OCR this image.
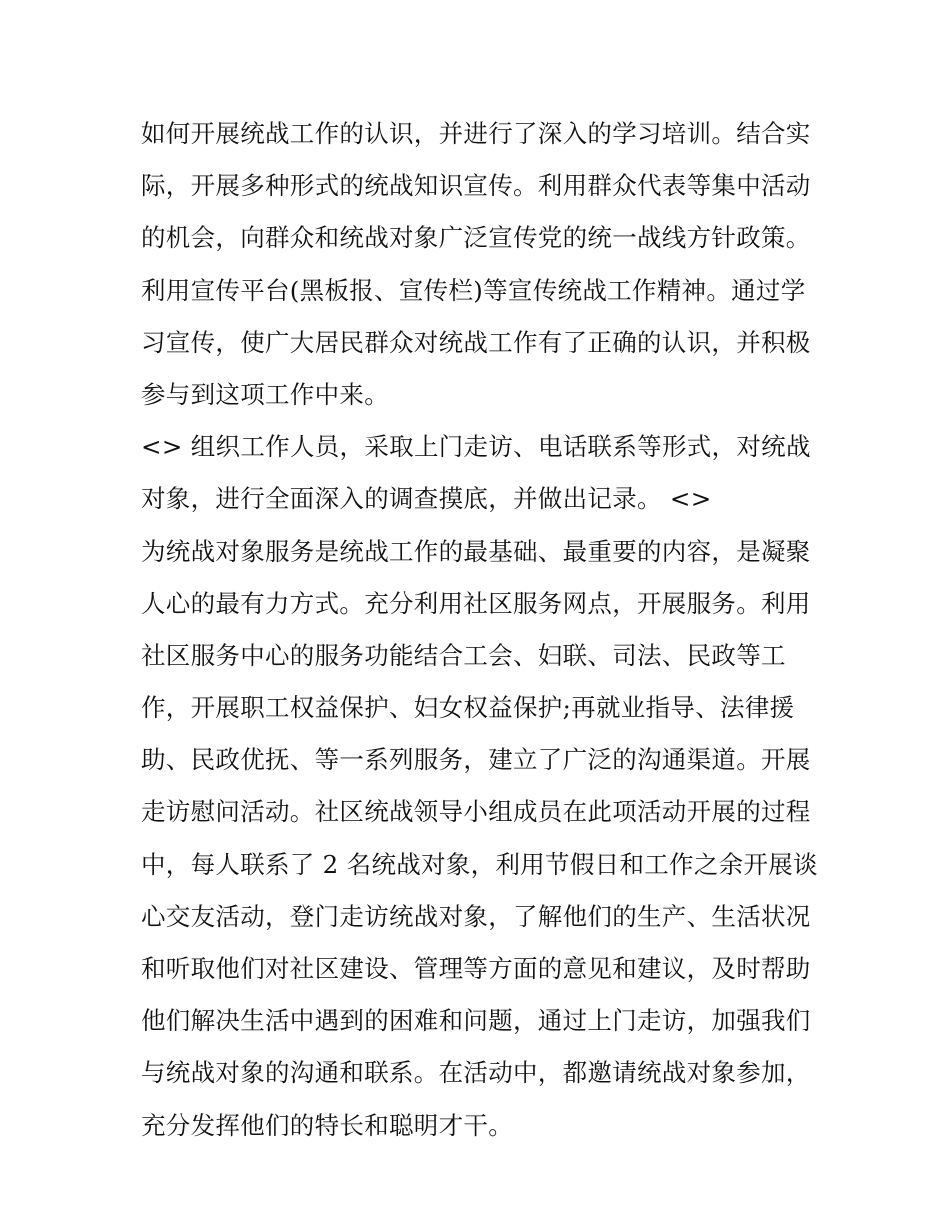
如何开展统战工作的认识，并进行了深入的学习培训。结合实
际，开展多种形式的统战知识宣传。利用群众代表等集中活动
的机会，向群众和统战对象广泛宣传党的统一战线方针政策。
利用宣传平台(黑板报、宣传栏)等宣传统战工作精神。通过学
习宣传，使广大居民群众对统战工作有了正确的认识，并积极
参与到这项工作中来。
<> 组织工作人员，采取上门走访、电话联系等形式，对统战
对象，进行全面深入的调查摸底，并做出记录。 <>
为统战对象服务是统战工作的最基础、最重要的内容，是凝聚
人心的最有力方式。充分利用社区服务网点，开展服务。利用
社区服务中心的服务功能结合工会、妇联、司法、民政等工
作，开展职工权益保护、妇女权益保护;再就业指导、法律援
助、民政优抚、等一系列服务，建立了广泛的沟通渠道。开展
走访慰问活动。社区统战领导小组成员在此项活动开展的过程
中，每人联系了 2 名统战对象，利用节假日和工作之余开展谈
心交友活动，登门走访统战对象，了解他们的生产、生活状况
和听取他们对社区建设、管理等方面的意见和建议，及时帮助
他们解决生活中遇到的困难和问题，通过上门走访，加强我们
与统战对象的沟通和联系。在活动中，都邀请统战对象参加，
充分发挥他们的特长和聪明才干。
